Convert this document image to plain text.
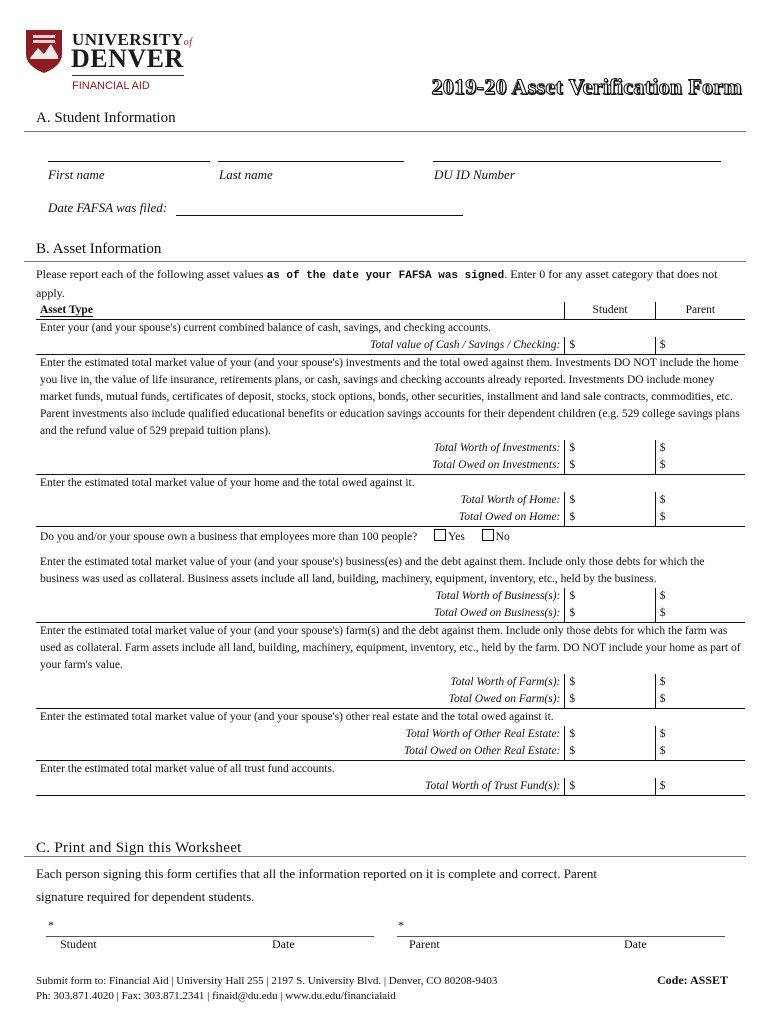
UNIVERSITYof
DENVER
FINANCIAL AID	2019-20 Asset Verification Form
A. Student Information
First name	Last name	DU ID Number
Date FAFSA was filed:
B. Asset Information
Please report each of the following asset values as of the date your FAFSA was signed. Enter 0 for any asset category that does not apply.
Asset Type	Student	Parent
Enter your (and your spouse's) current combined balance of cash, savings, and checking accounts.		
Total value of Cash / Savings / Checking:	$	$
Enter the estimated total market value of your (and your spouse's) investments and the total owed against them. Investments DO NOT include the home you live in, the value of life insurance, retirements plans, or cash, savings and checking accounts already reported. Investments DO include money market funds, mutual funds, certificates of deposit, stocks, stock options, bonds, other securities, installment and land sale contracts, commodities, etc. Parent investments also include qualified educational benefits or education savings accounts for their dependent children (e.g. 529 college savings plans and the refund value of 529 prepaid tuition plans).		
Total Worth of Investments:	$	$
Total Owed on Investments:	$	$
Enter the estimated total market value of your home and the total owed against it.		
Total Worth of Home:	$	$
Total Owed on Home:	$	$
Do you and/or your spouse own a business that employees more than 100 people? Yes No		
Enter the estimated total market value of your (and your spouse's) business(es) and the debt against them. Include only those debts for which the business was used as collateral. Business assets include all land, building, machinery, equipment, inventory, etc., held by the business.		
Total Worth of Business(s):	$	$
Total Owed on Business(s):	$	$
Enter the estimated total market value of your (and your spouse's) farm(s) and the debt against them. Include only those debts for which the farm was used as collateral. Farm assets include all land, building, machinery, equipment, inventory, etc., held by the farm. DO NOT include your home as part of your farm's value.		
Total Worth of Farm(s):	$	$
Total Owed on Farm(s):	$	$
Enter the estimated total market value of your (and your spouse's) other real estate and the total owed against it.		
Total Worth of Other Real Estate:	$	$
Total Owed on Other Real Estate:	$	$
Enter the estimated total market value of all trust fund accounts.		
Total Worth of Trust Fund(s):	$	$
C. Print and Sign this Worksheet
Each person signing this form certifies that all the information reported on it is complete and correct. Parent
signature required for dependent students.
*
Student	Date
*
Parent	Date
Submit form to: Financial Aid | University Hall 255 | 2197 S. University Blvd. | Denver, CO 80208-9403
Ph: 303.871.4020 | Fax: 303.871.2341 | finaid@du.edu | www.du.edu/financialaid
Code: ASSET
